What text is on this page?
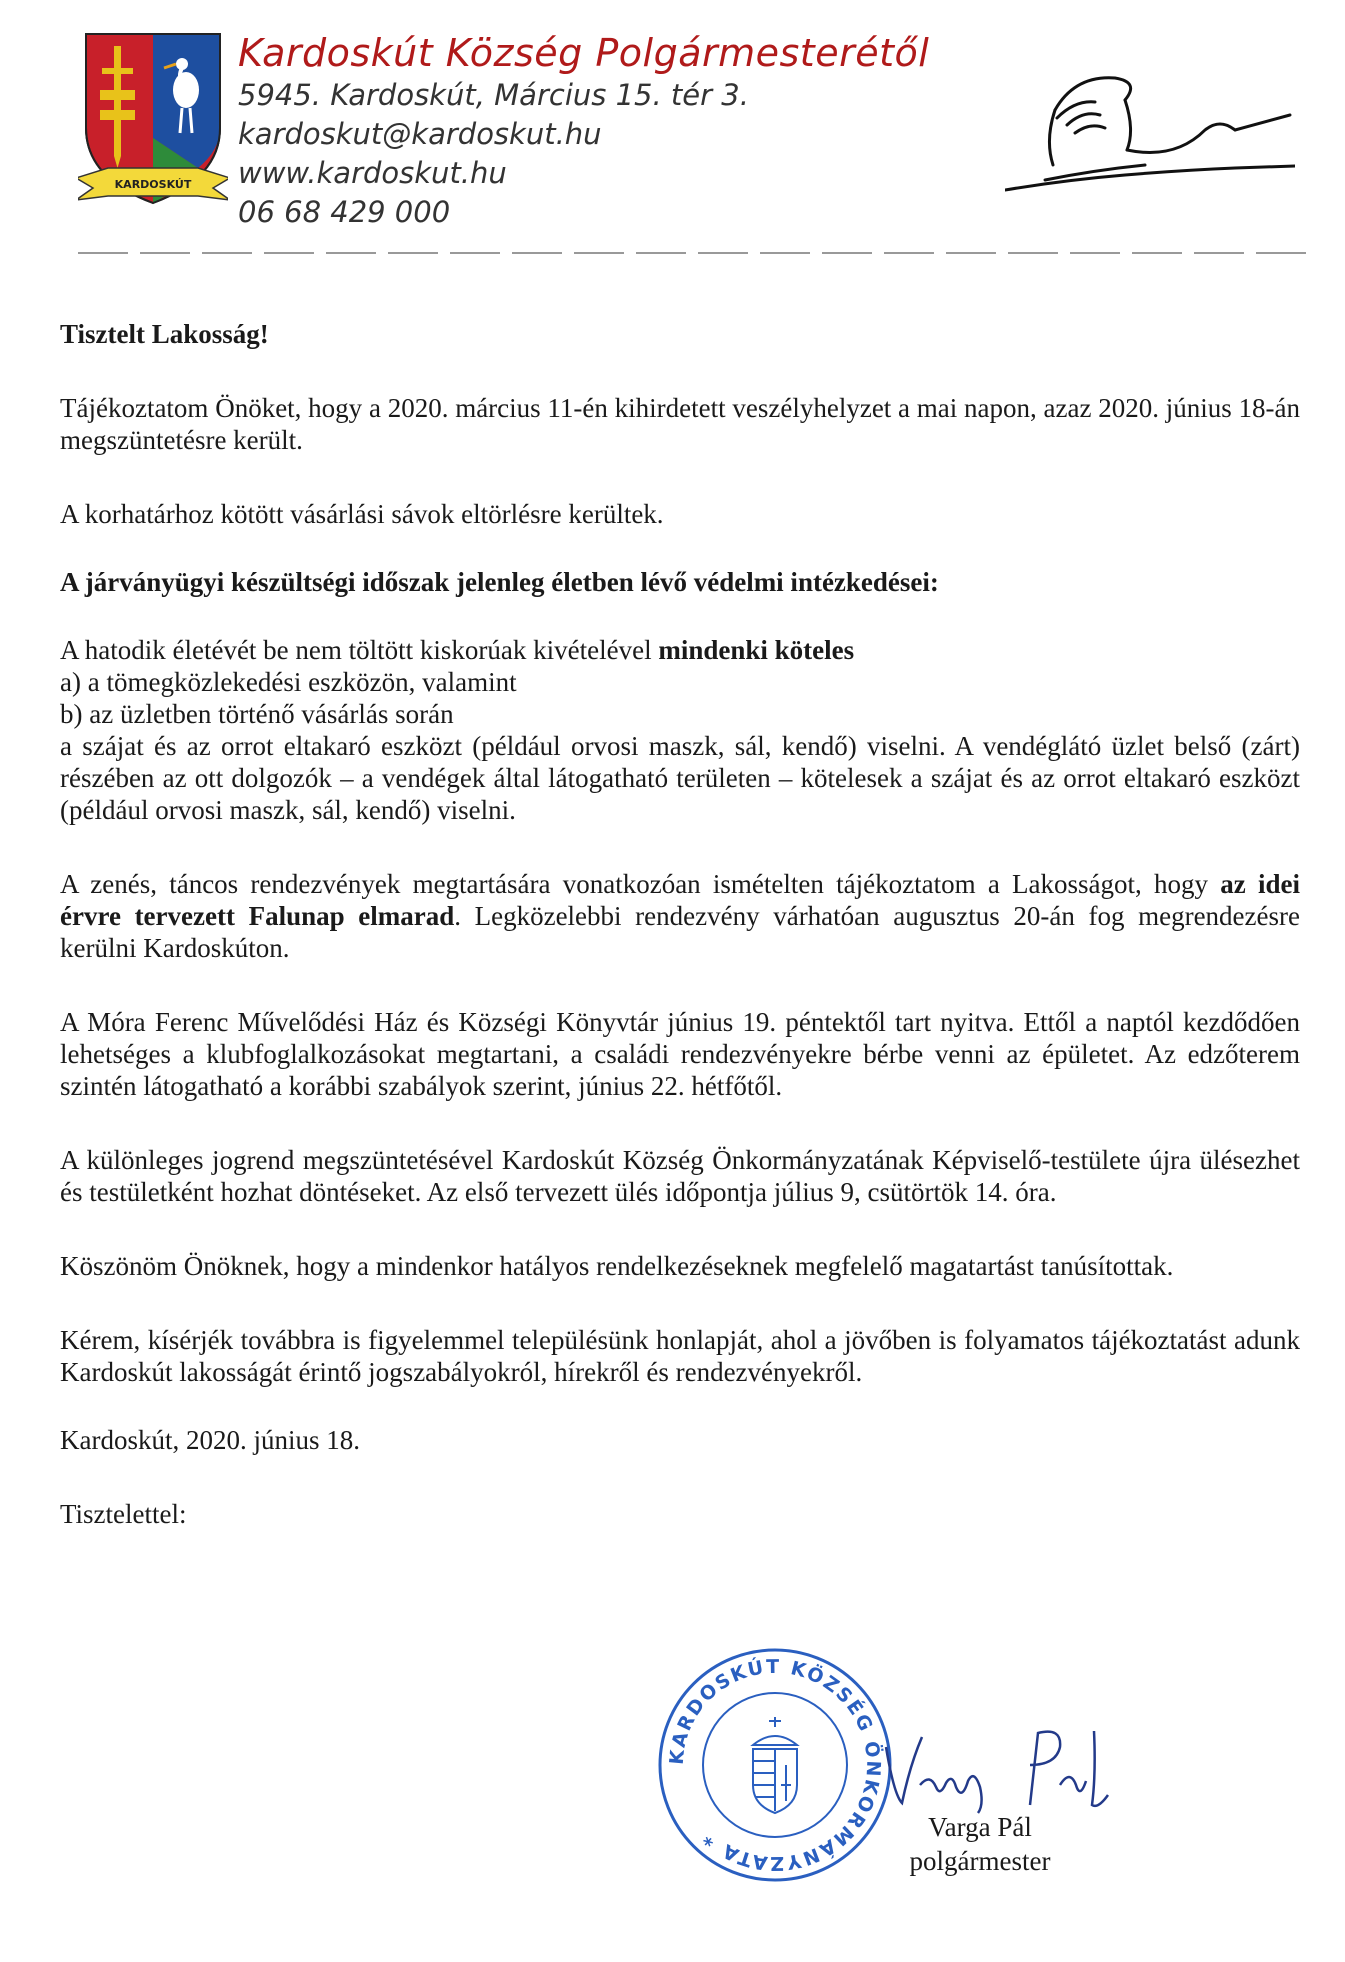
KARDOSKÚT
Kardoskút Község Polgármesterétől
5945. Kardoskút, Március 15. tér 3.
kardoskut@kardoskut.hu
www.kardoskut.hu
06 68 429 000

Tisztelt Lakosság!

Tájékoztatom Önöket, hogy a 2020. március 11-én kihirdetett veszélyhelyzet a mai napon, azaz 2020. június 18-án megszüntetésre került.

A korhatárhoz kötött vásárlási sávok eltörlésre kerültek.

A járványügyi készültségi időszak jelenleg életben lévő védelmi intézkedései:

A hatodik életévét be nem töltött kiskorúak kivételével mindenki köteles

a) a tömegközlekedési eszközön, valamint

b) az üzletben történő vásárlás során

a szájat és az orrot eltakaró eszközt (például orvosi maszk, sál, kendő) viselni. A vendéglátó üzlet belső (zárt) részében az ott dolgozók – a vendégek által látogatható területen – kötelesek a szájat és az orrot eltakaró eszközt (például orvosi maszk, sál, kendő) viselni.

A zenés, táncos rendezvények megtartására vonatkozóan ismételten tájékoztatom a Lakosságot, hogy az idei érvre tervezett Falunap elmarad. Legközelebbi rendezvény várhatóan augusztus 20-án fog megrendezésre kerülni Kardoskúton.

A Móra Ferenc Művelődési Ház és Községi Könyvtár június 19. péntektől tart nyitva. Ettől a naptól kezdődően lehetséges a klubfoglalkozásokat megtartani, a családi rendezvényekre bérbe venni az épületet. Az edzőterem szintén látogatható a korábbi szabályok szerint, június 22. hétfőtől.

A különleges jogrend megszüntetésével Kardoskút Község Önkormányzatának Képviselő-testülete újra ülésezhet és testületként hozhat döntéseket. Az első tervezett ülés időpontja július 9, csütörtök 14. óra.

Köszönöm Önöknek, hogy a mindenkor hatályos rendelkezéseknek megfelelő magatartást tanúsítottak.

Kérem, kísérjék továbbra is figyelemmel településünk honlapját, ahol a jövőben is folyamatos tájékoztatást adunk Kardoskút lakosságát érintő jogszabályokról, hírekről és rendezvényekről.

Kardoskút, 2020. június 18.

Tisztelettel:

KARDOSKÚT KÖZSÉG ÖNKORMÁNYZATA *	Varga Pál
polgármester
